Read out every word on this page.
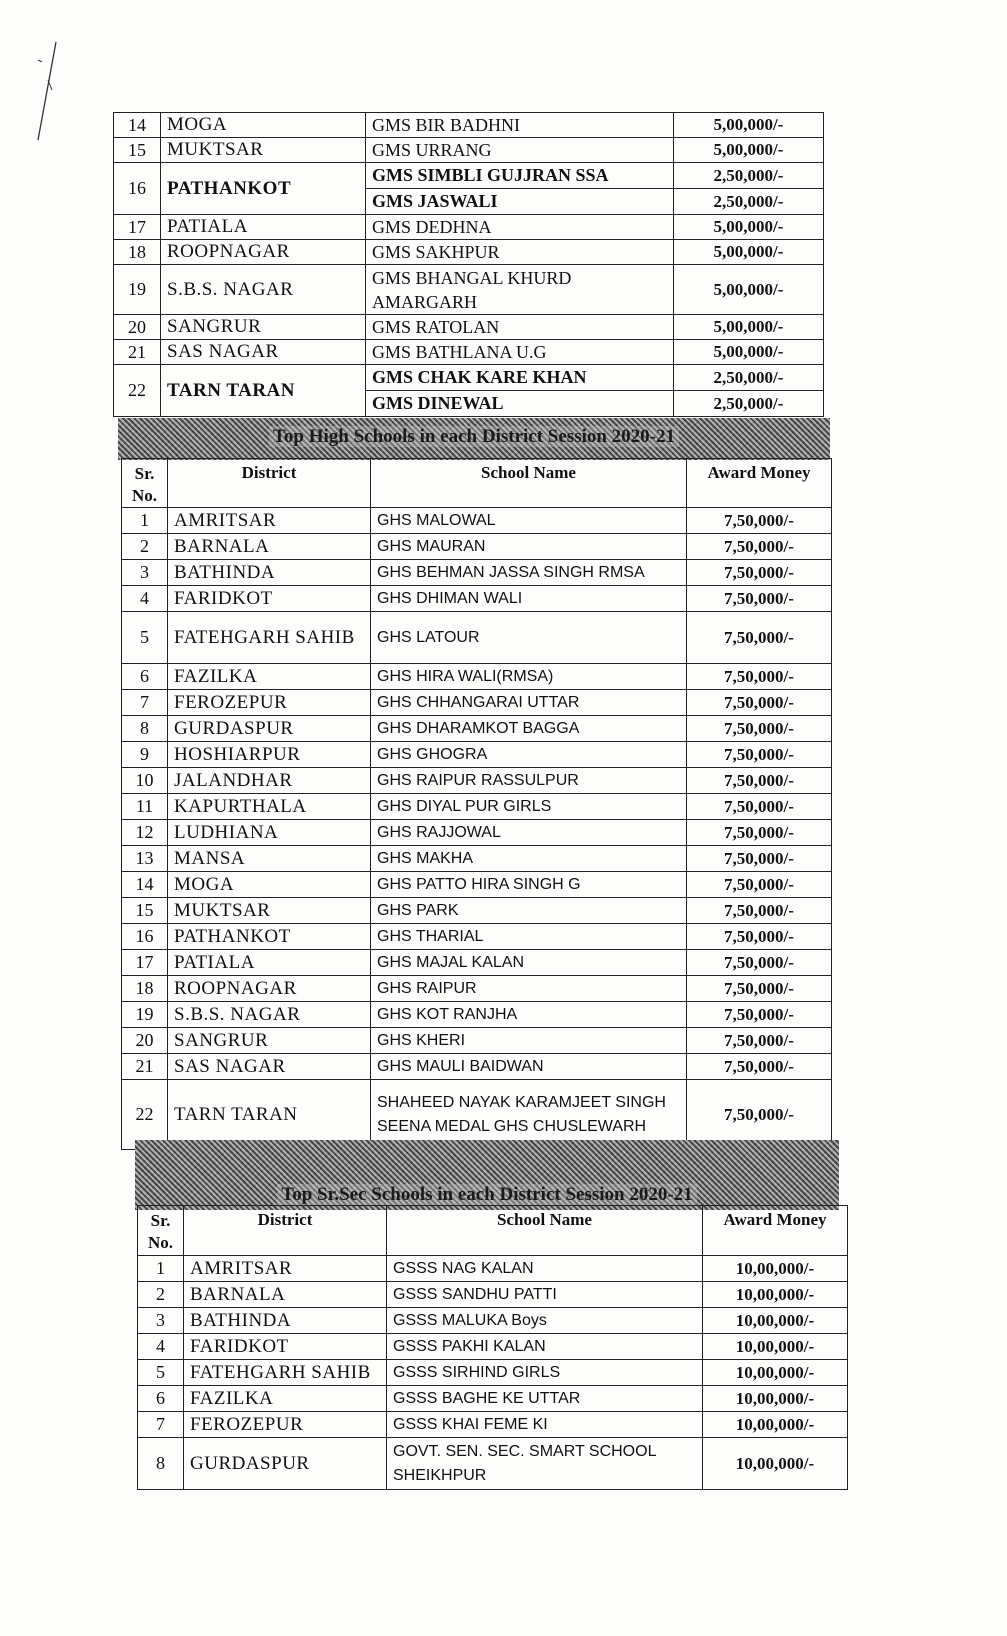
14	MOGA	GMS BIR BADHNI	5,00,000/-
15	MUKTSAR	GMS URRANG	5,00,000/-
16	PATHANKOT	GMS SIMBLI GUJJRAN SSA	2,50,000/-
		GMS JASWALI	2,50,000/-
17	PATIALA	GMS DEDHNA	5,00,000/-
18	ROOPNAGAR	GMS SAKHPUR	5,00,000/-
19	S.B.S. NAGAR	GMS BHANGAL KHURD AMARGARH	5,00,000/-
20	SANGRUR	GMS RATOLAN	5,00,000/-
21	SAS NAGAR	GMS BATHLANA U.G	5,00,000/-
22	TARN TARAN	GMS CHAK KARE KHAN	2,50,000/-
		GMS DINEWAL	2,50,000/-
Top High Schools in each District Session 2020-21
Sr. No.	District	School Name	Award Money
1	AMRITSAR	GHS MALOWAL	7,50,000/-
2	BARNALA	GHS MAURAN	7,50,000/-
3	BATHINDA	GHS BEHMAN JASSA SINGH RMSA	7,50,000/-
4	FARIDKOT	GHS DHIMAN WALI	7,50,000/-
5	FATEHGARH SAHIB	GHS LATOUR	7,50,000/-
6	FAZILKA	GHS HIRA WALI(RMSA)	7,50,000/-
7	FEROZEPUR	GHS CHHANGARAI UTTAR	7,50,000/-
8	GURDASPUR	GHS DHARAMKOT BAGGA	7,50,000/-
9	HOSHIARPUR	GHS GHOGRA	7,50,000/-
10	JALANDHAR	GHS RAIPUR RASSULPUR	7,50,000/-
11	KAPURTHALA	GHS DIYAL PUR GIRLS	7,50,000/-
12	LUDHIANA	GHS RAJJOWAL	7,50,000/-
13	MANSA	GHS MAKHA	7,50,000/-
14	MOGA	GHS PATTO HIRA SINGH G	7,50,000/-
15	MUKTSAR	GHS PARK	7,50,000/-
16	PATHANKOT	GHS THARIAL	7,50,000/-
17	PATIALA	GHS MAJAL KALAN	7,50,000/-
18	ROOPNAGAR	GHS RAIPUR	7,50,000/-
19	S.B.S. NAGAR	GHS KOT RANJHA	7,50,000/-
20	SANGRUR	GHS KHERI	7,50,000/-
21	SAS NAGAR	GHS MAULI BAIDWAN	7,50,000/-
22	TARN TARAN	SHAHEED NAYAK KARAMJEET SINGH SEENA MEDAL GHS CHUSLEWARH	7,50,000/-
Top Sr.Sec Schools in each District Session 2020-21
Sr. No.	District	School Name	Award Money
1	AMRITSAR	GSSS NAG KALAN	10,00,000/-
2	BARNALA	GSSS SANDHU PATTI	10,00,000/-
3	BATHINDA	GSSS MALUKA Boys	10,00,000/-
4	FARIDKOT	GSSS PAKHI KALAN	10,00,000/-
5	FATEHGARH SAHIB	GSSS SIRHIND GIRLS	10,00,000/-
6	FAZILKA	GSSS BAGHE KE UTTAR	10,00,000/-
7	FEROZEPUR	GSSS KHAI FEME KI	10,00,000/-
8	GURDASPUR	GOVT. SEN. SEC. SMART SCHOOL SHEIKHPUR	10,00,000/-
